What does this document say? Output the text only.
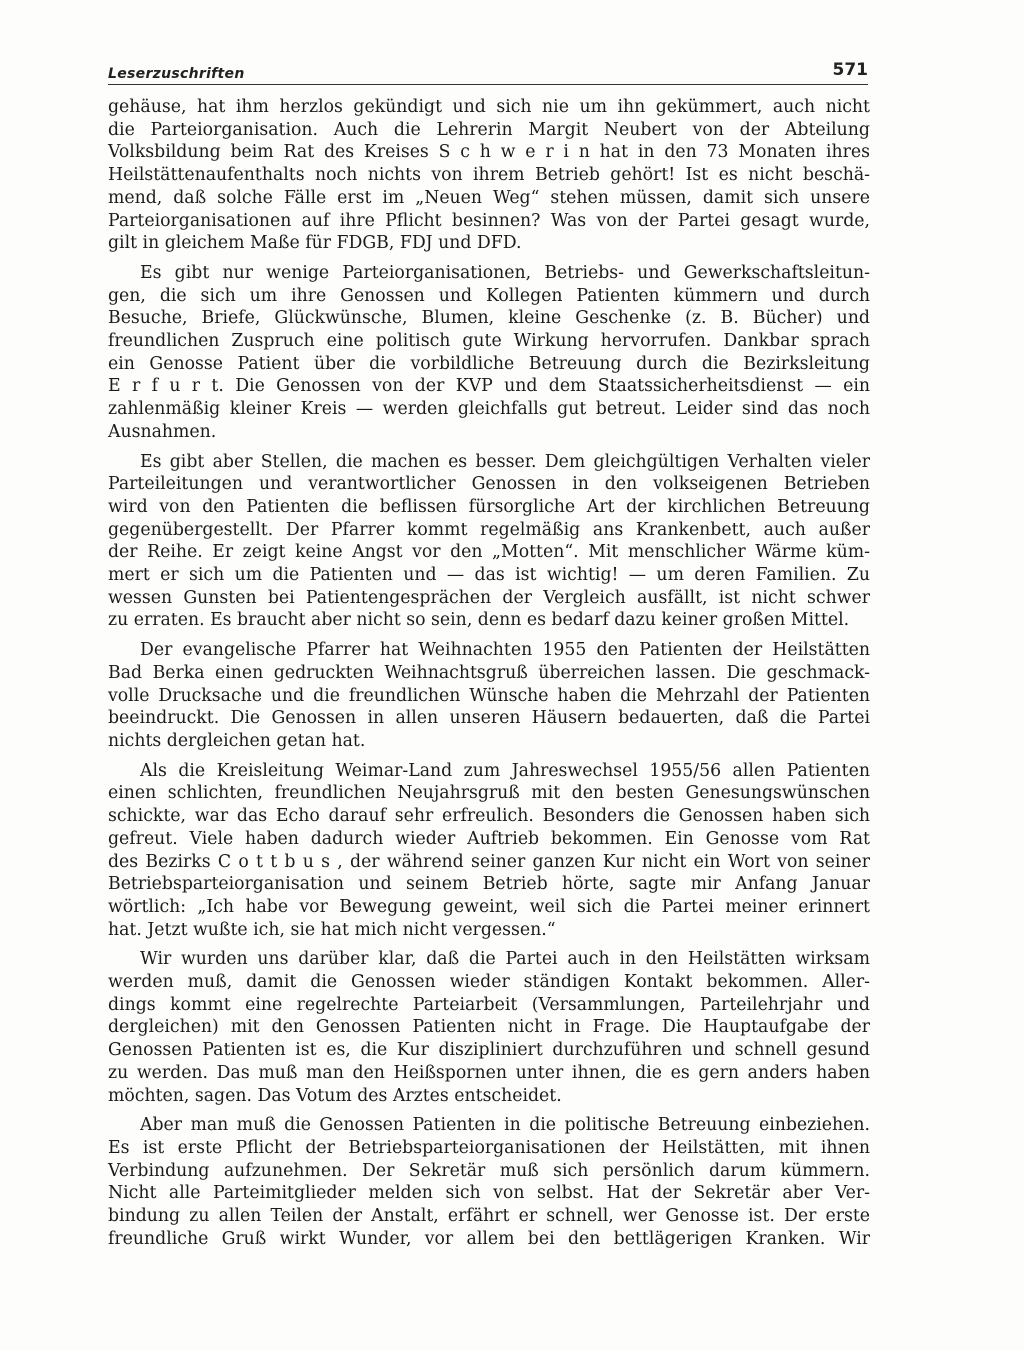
Leserzuschriften	571
gehäuse, hat ihm herzlos gekündigt und sich nie um ihn gekümmert, auch nicht
die Parteiorganisation. Auch die Lehrerin Margit Neubert von der Abteilung
Volksbildung beim Rat des Kreises S c h w e r i n hat in den 73 Monaten ihres
Heilstättenaufenthalts noch nichts von ihrem Betrieb gehört! Ist es nicht beschä-
mend, daß solche Fälle erst im „Neuen Weg“ stehen müssen, damit sich unsere
Parteiorganisationen auf ihre Pflicht besinnen? Was von der Partei gesagt wurde,
gilt in gleichem Maße für FDGB, FDJ und DFD.
Es gibt nur wenige Parteiorganisationen, Betriebs- und Gewerkschaftsleitun-
gen, die sich um ihre Genossen und Kollegen Patienten kümmern und durch
Besuche, Briefe, Glückwünsche, Blumen, kleine Geschenke (z. B. Bücher) und
freundlichen Zuspruch eine politisch gute Wirkung hervorrufen. Dankbar sprach
ein Genosse Patient über die vorbildliche Betreuung durch die Bezirksleitung
E r f u r t. Die Genossen von der KVP und dem Staatssicherheitsdienst — ein
zahlenmäßig kleiner Kreis — werden gleichfalls gut betreut. Leider sind das noch
Ausnahmen.
Es gibt aber Stellen, die machen es besser. Dem gleichgültigen Verhalten vieler
Parteileitungen und verantwortlicher Genossen in den volkseigenen Betrieben
wird von den Patienten die beflissen fürsorgliche Art der kirchlichen Betreuung
gegenübergestellt. Der Pfarrer kommt regelmäßig ans Krankenbett, auch außer
der Reihe. Er zeigt keine Angst vor den „Motten“. Mit menschlicher Wärme küm-
mert er sich um die Patienten und — das ist wichtig! — um deren Familien. Zu
wessen Gunsten bei Patientengesprächen der Vergleich ausfällt, ist nicht schwer
zu erraten. Es braucht aber nicht so sein, denn es bedarf dazu keiner großen Mittel.
Der evangelische Pfarrer hat Weihnachten 1955 den Patienten der Heilstätten
Bad Berka einen gedruckten Weihnachtsgruß überreichen lassen. Die geschmack-
volle Drucksache und die freundlichen Wünsche haben die Mehrzahl der Patienten
beeindruckt. Die Genossen in allen unseren Häusern bedauerten, daß die Partei
nichts dergleichen getan hat.
Als die Kreisleitung Weimar-Land zum Jahreswechsel 1955/56 allen Patienten
einen schlichten, freundlichen Neujahrsgruß mit den besten Genesungswünschen
schickte, war das Echo darauf sehr erfreulich. Besonders die Genossen haben sich
gefreut. Viele haben dadurch wieder Auftrieb bekommen. Ein Genosse vom Rat
des Bezirks C o t t b u s , der während seiner ganzen Kur nicht ein Wort von seiner
Betriebsparteiorganisation und seinem Betrieb hörte, sagte mir Anfang Januar
wörtlich: „Ich habe vor Bewegung geweint, weil sich die Partei meiner erinnert
hat. Jetzt wußte ich, sie hat mich nicht vergessen.“
Wir wurden uns darüber klar, daß die Partei auch in den Heilstätten wirksam
werden muß, damit die Genossen wieder ständigen Kontakt bekommen. Aller-
dings kommt eine regelrechte Parteiarbeit (Versammlungen, Parteilehrjahr und
dergleichen) mit den Genossen Patienten nicht in Frage. Die Hauptaufgabe der
Genossen Patienten ist es, die Kur diszipliniert durchzuführen und schnell gesund
zu werden. Das muß man den Heißspornen unter ihnen, die es gern anders haben
möchten, sagen. Das Votum des Arztes entscheidet.
Aber man muß die Genossen Patienten in die politische Betreuung einbeziehen.
Es ist erste Pflicht der Betriebsparteiorganisationen der Heilstätten, mit ihnen
Verbindung aufzunehmen. Der Sekretär muß sich persönlich darum kümmern.
Nicht alle Parteimitglieder melden sich von selbst. Hat der Sekretär aber Ver-
bindung zu allen Teilen der Anstalt, erfährt er schnell, wer Genosse ist. Der erste
freundliche Gruß wirkt Wunder, vor allem bei den bettlägerigen Kranken. Wir
